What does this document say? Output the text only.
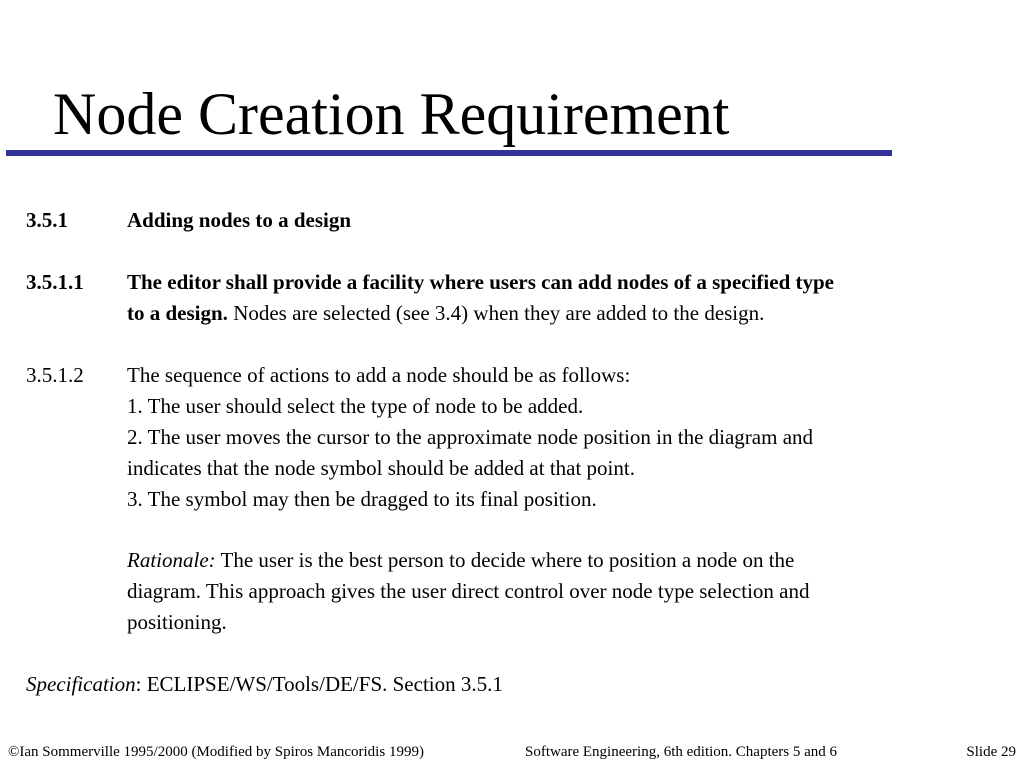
Node Creation Requirement
3.5.1	Adding nodes to a design
3.5.1.1 The editor shall provide a facility where users can add nodes of a specified type
to a design. Nodes are selected (see 3.4) when they are added to the design.
3.5.1.2 The sequence of actions to add a node should be as follows:
1. The user should select the type of node to be added.
2. The user moves the cursor to the approximate node position in the diagram and
indicates that the node symbol should be added at that point.
3. The symbol may then be dragged to its final position.
Rationale: The user is the best person to decide where to position a node on the
diagram. This approach gives the user direct control over node type selection and
positioning.
Specification: ECLIPSE/WS/Tools/DE/FS. Section 3.5.1
©Ian Sommerville 1995/2000 (Modified by Spiros Mancoridis 1999)	Software Engineering, 6th edition. Chapters 5 and 6	Slide 29
